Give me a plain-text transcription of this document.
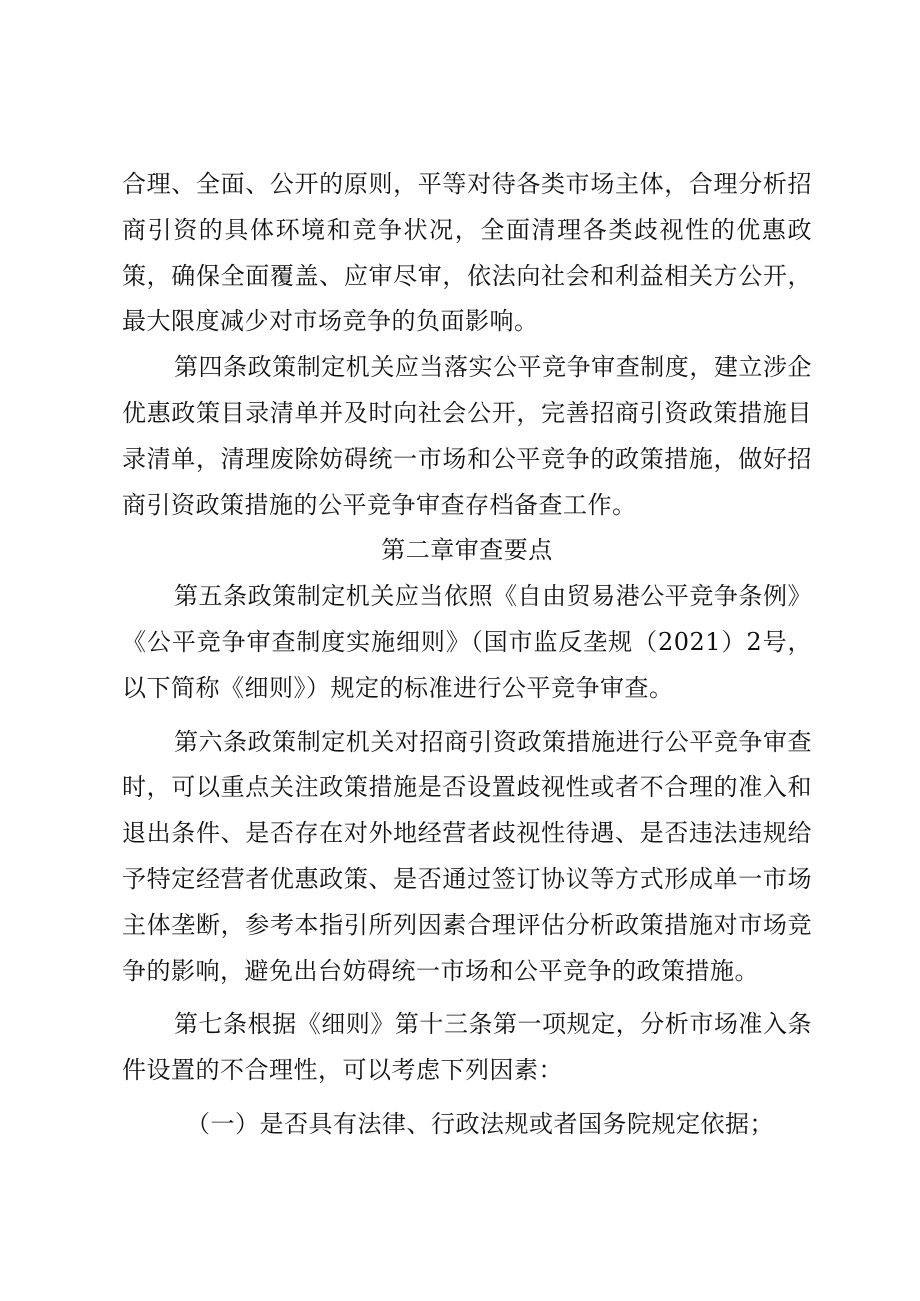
合理、全面、公开的原则，平等对待各类市场主体，合理分析招商引资的具体环境和竞争状况，全面清理各类歧视性的优惠政策，确保全面覆盖、应审尽审，依法向社会和利益相关方公开，最大限度减少对市场竞争的负面影响。

第四条政策制定机关应当落实公平竞争审查制度，建立涉企优惠政策目录清单并及时向社会公开，完善招商引资政策措施目录清单，清理废除妨碍统一市场和公平竞争的政策措施，做好招商引资政策措施的公平竞争审查存档备查工作。

第二章审查要点

第五条政策制定机关应当依照《自由贸易港公平竞争条例》《公平竞争审查制度实施细则》（国市监反垄规（2021）2号，以下简称《细则》）规定的标准进行公平竞争审查。

第六条政策制定机关对招商引资政策措施进行公平竞争审查时，可以重点关注政策措施是否设置歧视性或者不合理的准入和退出条件、是否存在对外地经营者歧视性待遇、是否违法违规给予特定经营者优惠政策、是否通过签订协议等方式形成单一市场主体垄断，参考本指引所列因素合理评估分析政策措施对市场竞争的影响，避免出台妨碍统一市场和公平竞争的政策措施。

第七条根据《细则》第十三条第一项规定，分析市场准入条件设置的不合理性，可以考虑下列因素：

（一）是否具有法律、行政法规或者国务院规定依据；
